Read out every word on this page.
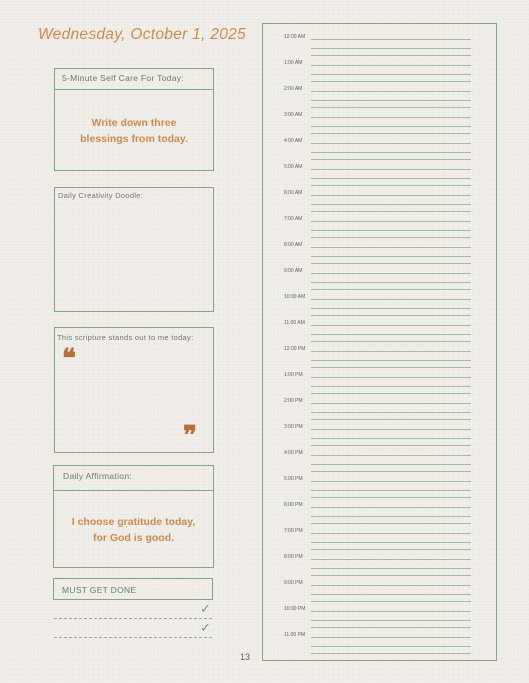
Wednesday, October 1, 2025
5-Minute Self Care For Today:
Write down three blessings from today.
Daily Creativity Doodle:
This scripture stands out to me today:
❝
❞
Daily Affirmation:
I choose gratitude today, for God is good.
MUST GET DONE
✓
✓
12:00 AM
1:00 AM
2:00 AM
3:00 AM
4:00 AM
5:00 AM
6:00 AM
7:00 AM
8:00 AM
9:00 AM
10:00 AM
11:00 AM
12:00 PM
1:00 PM
2:00 PM
3:00 PM
4:00 PM
5:00 PM
6:00 PM
7:00 PM
8:00 PM
9:00 PM
10:00 PM
11:00 PM
13
